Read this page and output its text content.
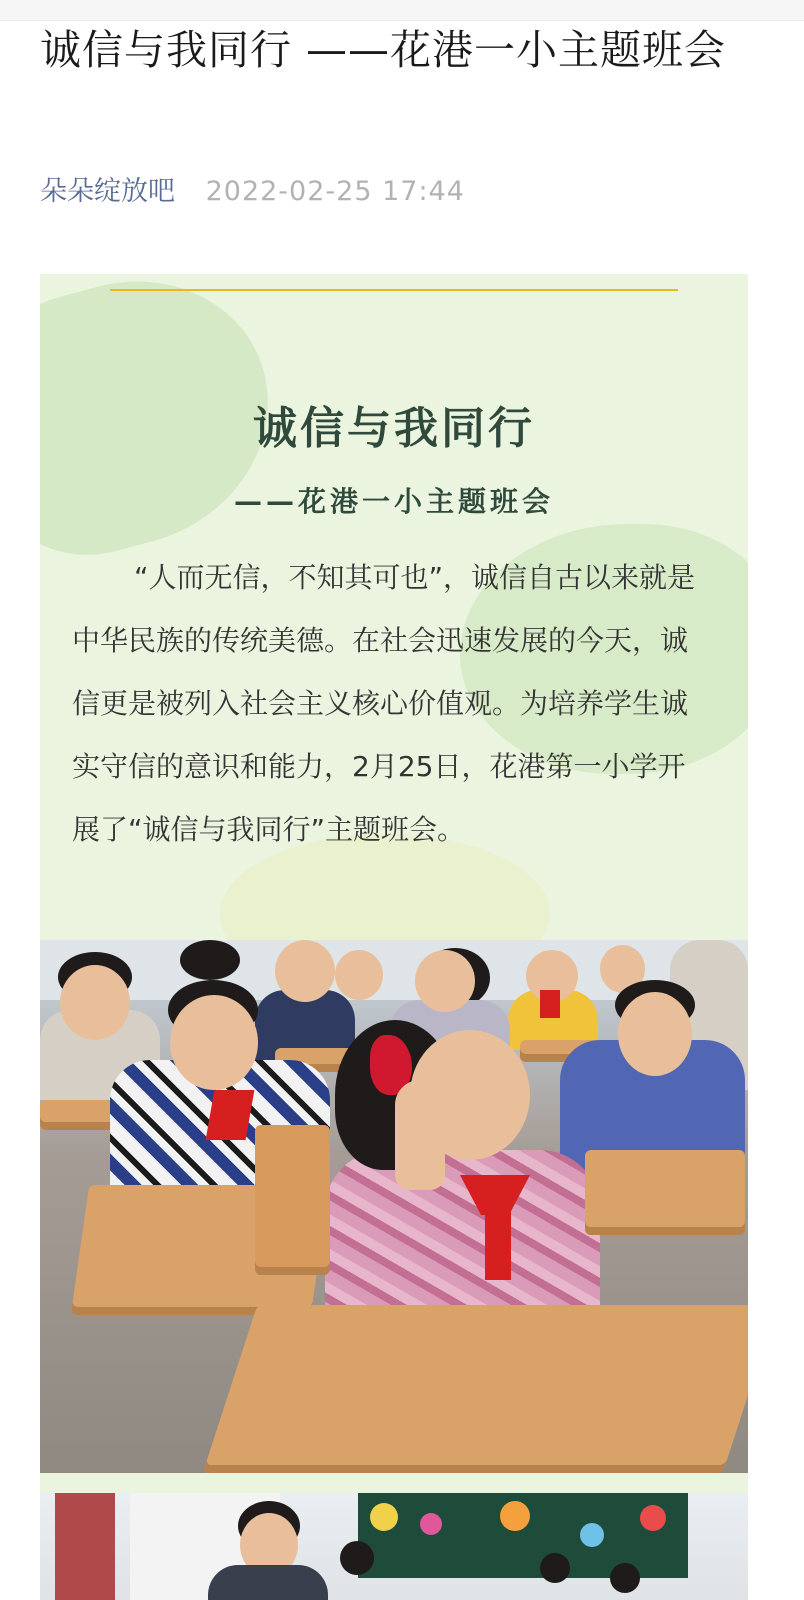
诚信与我同行 ——花港一小主题班会
朵朵绽放吧 2022-02-25 17:44
诚信与我同行
——花港一小主题班会

“人而无信，不知其可也”，诚信自古以来就是中华民族的传统美德。在社会迅速发展的今天，诚信更是被列入社会主义核心价值观。为培养学生诚实守信的意识和能力，2月25日，花港第一小学开展了“诚信与我同行”主题班会。
